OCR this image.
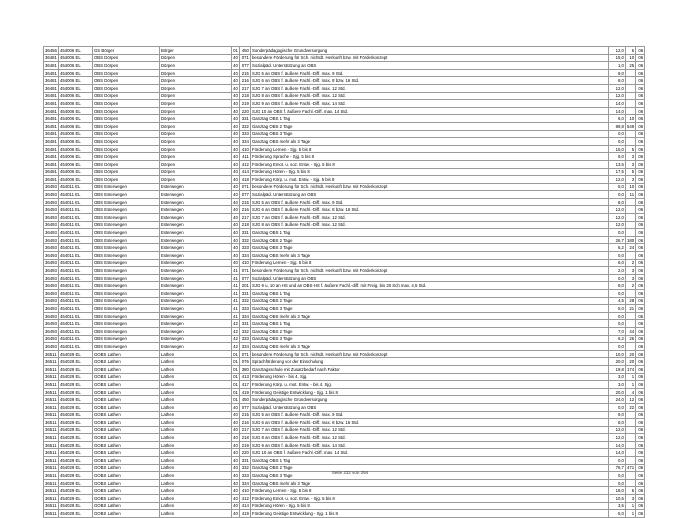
36456	454006 EL	GS Börger	Börger	01	450	Sonderpädagogische Grundversorgung	12,0	6	06
36481	454006 EL	OBS Dörpen	Dörpen	40	071	besondere Förderung für Sch. nichtdt. Herkunft bzw. mit Förderkonzept	15,0	10	06
36481	454006 EL	OBS Dörpen	Dörpen	40	077	Sozialpäd. Unterstützung an OBS	1,0	25	06
36481	454006 EL	OBS Dörpen	Dörpen	40	215	SJG 5 an OBS f. äußere Fachl.-Diff. max. 9 Std.	9,0		06
36481	454006 EL	OBS Dörpen	Dörpen	40	216	SJG 6 an OBS f. äußere Fachl.-Diff. max. 8 bzw. 16 Std.	8,0		06
36481	454006 EL	OBS Dörpen	Dörpen	40	217	SJG 7 an OBS f. äußere Fachl.-Diff. max. 12 Std.	12,0		06
36481	454006 EL	OBS Dörpen	Dörpen	40	218	SJG 8 an OBS f. äußere Fachl.-Diff. max. 12 Std.	12,0		06
36481	454006 EL	OBS Dörpen	Dörpen	40	219	SJG 9 an OBS f. äußere Fachl.-Diff. max. 14 Std.	14,0		06
36481	454006 EL	OBS Dörpen	Dörpen	40	220	SJG 10 an OBS f. äußere Fachl.-Diff. max. 14 Std.	14,0		06
36481	454006 EL	OBS Dörpen	Dörpen	40	331	Ganztag OBS 1 Tag	6,0	10	06
36481	454006 EL	OBS Dörpen	Dörpen	40	332	Ganztag OBS 2 Tage	89,8	549	06
36481	454006 EL	OBS Dörpen	Dörpen	40	333	Ganztag OBS 3 Tage	0,0		06
36481	454006 EL	OBS Dörpen	Dörpen	40	334	Ganztag OBS mehr als 3 Tage	0,0		06
36481	454006 EL	OBS Dörpen	Dörpen	40	410	Förderung Lernen - Sjg. 5 bis 8	15,0	5	06
36481	454006 EL	OBS Dörpen	Dörpen	40	411	Förderung Sprache - Sjg. 5 bis 8	9,0	3	06
36481	454006 EL	OBS Dörpen	Dörpen	40	412	Förderung Emot. u. soz. Entw. - Sjg. 5 bis 8	13,5	3	06
36481	454006 EL	OBS Dörpen	Dörpen	40	414	Förderung Hören - Sjg. 5 bis 8	17,5	5	06
36481	454006 EL	OBS Dörpen	Dörpen	40	418	Förderung Körp. u. mot. Entw. - Sjg. 5 bis 8	12,0	3	06
36493	454011 EL	OBS Esterwegen	Esterwegen	40	071	besondere Förderung für Sch. nichtdt. Herkunft bzw. mit Förderkonzept	5,0	10	06
36493	454011 EL	OBS Esterwegen	Esterwegen	40	077	Sozialpäd. Unterstützung an OBS	0,0	11	06
36493	454011 EL	OBS Esterwegen	Esterwegen	40	215	SJG 5 an OBS f. äußere Fachl.-Diff. max. 9 Std.	8,0		06
36493	454011 EL	OBS Esterwegen	Esterwegen	40	216	SJG 6 an OBS f. äußere Fachl.-Diff. max. 8 bzw. 16 Std.	12,0		06
36493	454011 EL	OBS Esterwegen	Esterwegen	40	217	SJG 7 an OBS f. äußere Fachl.-Diff. max. 12 Std.	12,0		06
36493	454011 EL	OBS Esterwegen	Esterwegen	40	218	SJG 8 an OBS f. äußere Fachl.-Diff. max. 12 Std.	12,0		06
36493	454011 EL	OBS Esterwegen	Esterwegen	40	331	Ganztag OBS 1 Tag	0,0		06
36493	454011 EL	OBS Esterwegen	Esterwegen	40	332	Ganztag OBS 2 Tage	26,7	180	06
36493	454011 EL	OBS Esterwegen	Esterwegen	40	333	Ganztag OBS 3 Tage	6,2	24	06
36493	454011 EL	OBS Esterwegen	Esterwegen	40	334	Ganztag OBS mehr als 3 Tage	0,0		06
36493	454011 EL	OBS Esterwegen	Esterwegen	40	410	Förderung Lernen - Sjg. 5 bis 8	6,0	2	06
36493	454011 EL	OBS Esterwegen	Esterwegen	41	071	besondere Förderung für Sch. nichtdt. Herkunft bzw. mit Förderkonzept	2,0	3	06
36493	454011 EL	OBS Esterwegen	Esterwegen	41	077	Sozialpäd. Unterstützung an OBS	0,0	3	06
36493	454011 EL	OBS Esterwegen	Esterwegen	41	201	SJG 9 u. 10 an HS und an OBS-HS f. äußere Fachl.-diff. mit Freig. bis 20 Sch max. 4,5 Std.	9,0	2	06
36493	454011 EL	OBS Esterwegen	Esterwegen	41	331	Ganztag OBS 1 Tag	0,0		06
36493	454011 EL	OBS Esterwegen	Esterwegen	41	332	Ganztag OBS 2 Tage	4,5	28	06
36493	454011 EL	OBS Esterwegen	Esterwegen	41	333	Ganztag OBS 3 Tage	5,0	21	06
36493	454011 EL	OBS Esterwegen	Esterwegen	41	334	Ganztag OBS mehr als 3 Tage	0,0		06
36493	454011 EL	OBS Esterwegen	Esterwegen	42	331	Ganztag OBS 1 Tag	0,0		06
36493	454011 EL	OBS Esterwegen	Esterwegen	42	332	Ganztag OBS 2 Tage	7,0	44	06
36493	454011 EL	OBS Esterwegen	Esterwegen	42	333	Ganztag OBS 3 Tage	6,2	26	06
36493	454011 EL	OBS Esterwegen	Esterwegen	42	334	Ganztag OBS mehr als 3 Tage	0,0		06
36511	454029 EL	GOBS Lathen	Lathen	01	071	besondere Förderung für Sch. nichtdt. Herkunft bzw. mit Förderkonzept	10,0	20	06
36511	454029 EL	GOBS Lathen	Lathen	01	076	Sprachförderung vor der Einschulung	20,0	20	06
36511	454029 EL	GOBS Lathen	Lathen	01	380	Ganztagsschule mit Zusatzbedarf nach Faktor	19,8	174	06
36511	454029 EL	GOBS Lathen	Lathen	01	413	Förderung Hören - bis 4. Sjg.	3,0	1	06
36511	454029 EL	GOBS Lathen	Lathen	01	417	Förderung Körp. u. mot. Entw. - bis 4. Sjg.	3,0	1	06
36511	454029 EL	GOBS Lathen	Lathen	01	419	Förderung Geistige Entwicklung - Sjg. 1 bis 8	20,0	4	06
36511	454029 EL	GOBS Lathen	Lathen	01	450	Sonderpädagogische Grundversorgung	24,0	12	06
36511	454029 EL	GOBS Lathen	Lathen	40	077	Sozialpäd. Unterstützung an OBS	0,0	22	06
36511	454029 EL	GOBS Lathen	Lathen	40	215	SJG 5 an OBS f. äußere Fachl.-Diff. max. 9 Std.	9,0		06
36511	454029 EL	GOBS Lathen	Lathen	40	216	SJG 6 an OBS f. äußere Fachl.-Diff. max. 8 bzw. 16 Std.	8,0		06
36511	454029 EL	GOBS Lathen	Lathen	40	217	SJG 7 an OBS f. äußere Fachl.-Diff. max. 12 Std.	12,0		06
36511	454029 EL	GOBS Lathen	Lathen	40	218	SJG 8 an OBS f. äußere Fachl.-Diff. max. 12 Std.	12,0		06
36511	454029 EL	GOBS Lathen	Lathen	40	219	SJG 9 an OBS f. äußere Fachl.-Diff. max. 14 Std.	14,0		06
36511	454029 EL	GOBS Lathen	Lathen	40	220	SJG 10 an OBS f. äußere Fachl.-Diff. max. 14 Std.	14,0		06
36511	454029 EL	GOBS Lathen	Lathen	40	331	Ganztag OBS 1 Tag	0,0		06
36511	454029 EL	GOBS Lathen	Lathen	40	332	Ganztag OBS 2 Tage	76,7	471	06
36511	454029 EL	GOBS Lathen	Lathen	40	333	Ganztag OBS 3 Tage	0,0		06
36511	454029 EL	GOBS Lathen	Lathen	40	334	Ganztag OBS mehr als 3 Tage	0,0		06
36511	454029 EL	GOBS Lathen	Lathen	40	410	Förderung Lernen - Sjg. 5 bis 8	18,0	6	06
36511	454029 EL	GOBS Lathen	Lathen	40	412	Förderung Emot. u. soz. Entw. - Sjg. 5 bis 8	10,5	3	06
36511	454029 EL	GOBS Lathen	Lathen	40	414	Förderung Hören - Sjg. 5 bis 8	3,5	1	06
36511	454029 EL	GOBS Lathen	Lathen	40	419	Förderung Geistige Entwicklung - Sjg. 1 bis 8	5,0	1	06
Seite 232 von 294
